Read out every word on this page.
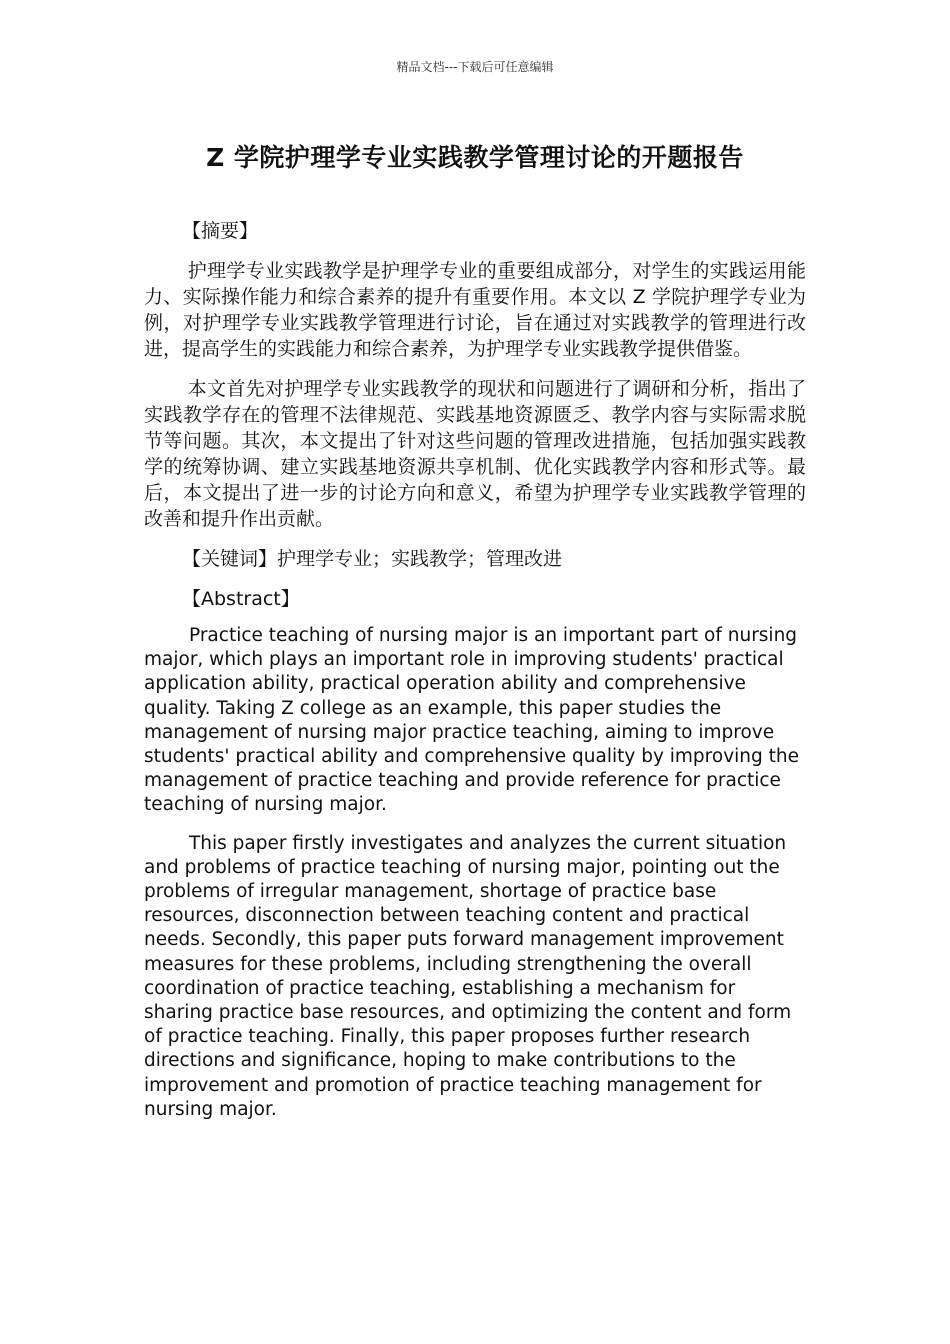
精品文档---下载后可任意编辑
Z 学院护理学专业实践教学管理讨论的开题报告

【摘要】

护理学专业实践教学是护理学专业的重要组成部分，对学生的实践运用能力、实际操作能力和综合素养的提升有重要作用。本文以 Z 学院护理学专业为例，对护理学专业实践教学管理进行讨论，旨在通过对实践教学的管理进行改进，提高学生的实践能力和综合素养，为护理学专业实践教学提供借鉴。

本文首先对护理学专业实践教学的现状和问题进行了调研和分析，指出了实践教学存在的管理不法律规范、实践基地资源匮乏、教学内容与实际需求脱节等问题。其次，本文提出了针对这些问题的管理改进措施，包括加强实践教学的统筹协调、建立实践基地资源共享机制、优化实践教学内容和形式等。最后，本文提出了进一步的讨论方向和意义，希望为护理学专业实践教学管理的改善和提升作出贡献。

【关键词】护理学专业；实践教学；管理改进

【Abstract】

Practice teaching of nursing major is an important part of nursing major, which plays an important role in improving students' practical application ability, practical operation ability and comprehensive quality. Taking Z college as an example, this paper studies the management of nursing major practice teaching, aiming to improve students' practical ability and comprehensive quality by improving the management of practice teaching and provide reference for practice teaching of nursing major.

This paper firstly investigates and analyzes the current situation and problems of practice teaching of nursing major, pointing out the problems of irregular management, shortage of practice base resources, disconnection between teaching content and practical needs. Secondly, this paper puts forward management improvement measures for these problems, including strengthening the overall coordination of practice teaching, establishing a mechanism for sharing practice base resources, and optimizing the content and form of practice teaching. Finally, this paper proposes further research directions and significance, hoping to make contributions to the improvement and promotion of practice teaching management for nursing major.
